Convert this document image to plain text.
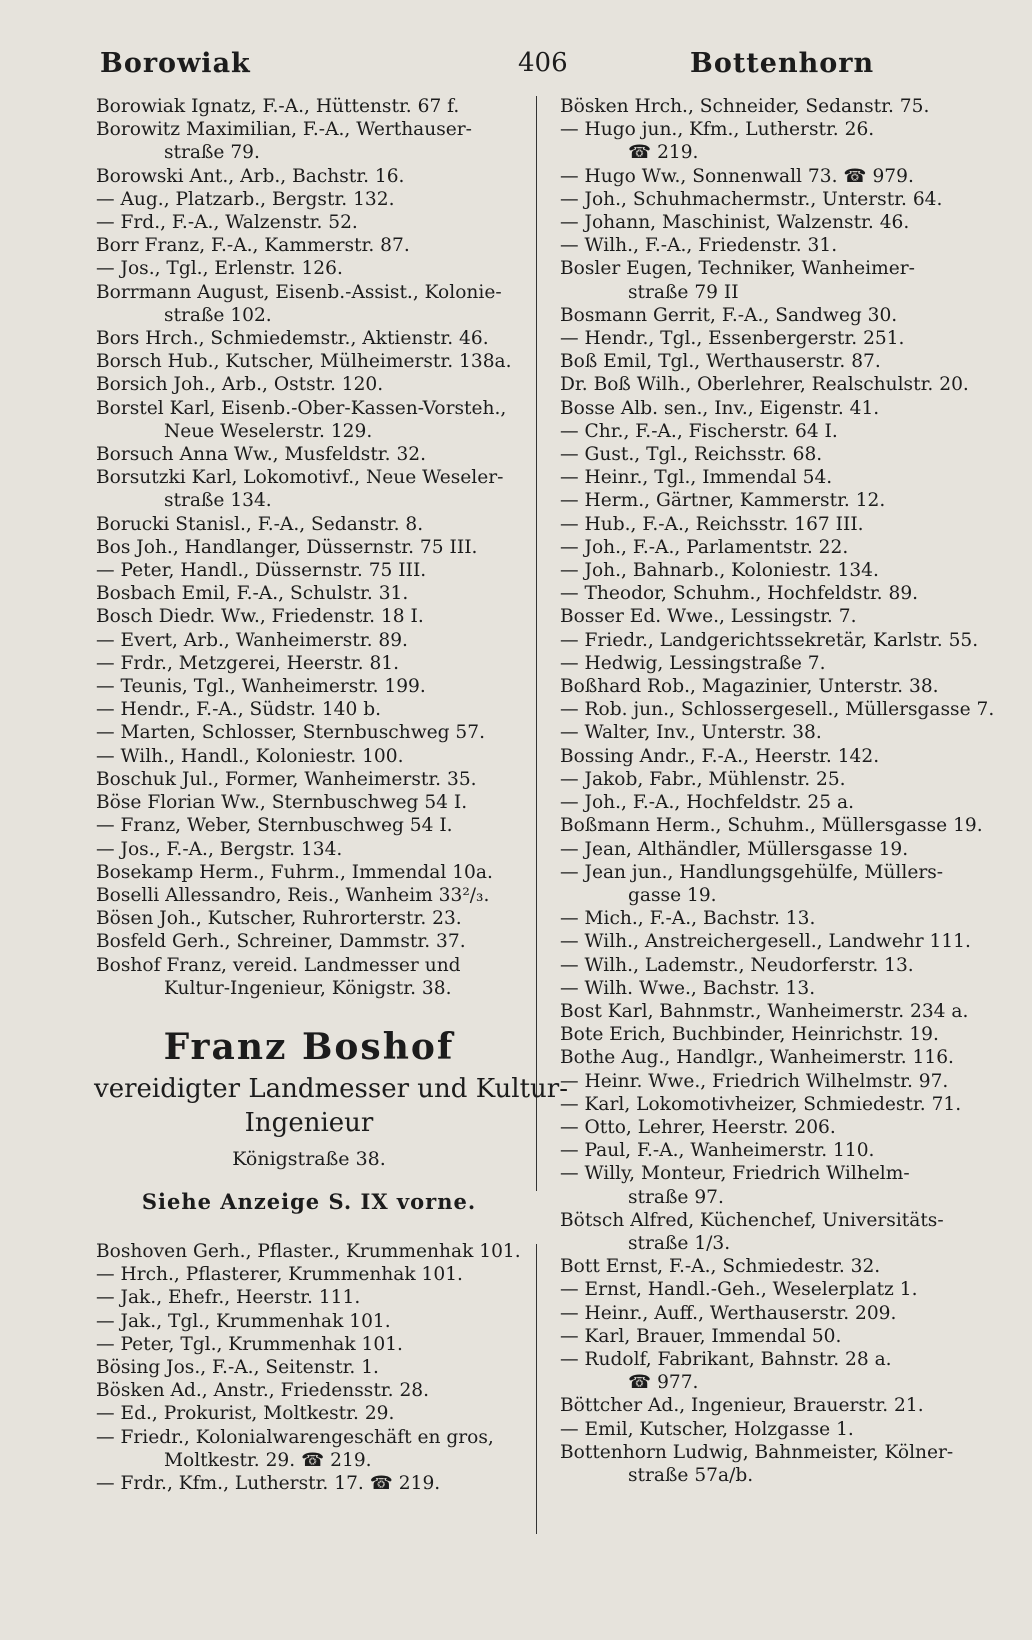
Borowiak	406	Bottenhorn
Borowiak Ignatz, F.-A., Hüttenstr. 67 f.
Borowitz Maximilian, F.-A., Werthauser-
straße 79.
Borowski Ant., Arb., Bachstr. 16.
— Aug., Platzarb., Bergstr. 132.
— Frd., F.-A., Walzenstr. 52.
Borr Franz, F.-A., Kammerstr. 87.
— Jos., Tgl., Erlenstr. 126.
Borrmann August, Eisenb.-Assist., Kolonie-
straße 102.
Bors Hrch., Schmiedemstr., Aktienstr. 46.
Borsch Hub., Kutscher, Mülheimerstr. 138a.
Borsich Joh., Arb., Oststr. 120.
Borstel Karl, Eisenb.-Ober-Kassen-Vorsteh.,
Neue Weselerstr. 129.
Borsuch Anna Ww., Musfeldstr. 32.
Borsutzki Karl, Lokomotivf., Neue Weseler-
straße 134.
Borucki Stanisl., F.-A., Sedanstr. 8.
Bos Joh., Handlanger, Düssernstr. 75 III.
— Peter, Handl., Düssernstr. 75 III.
Bosbach Emil, F.-A., Schulstr. 31.
Bosch Diedr. Ww., Friedenstr. 18 I.
— Evert, Arb., Wanheimerstr. 89.
— Frdr., Metzgerei, Heerstr. 81.
— Teunis, Tgl., Wanheimerstr. 199.
— Hendr., F.-A., Südstr. 140 b.
— Marten, Schlosser, Sternbuschweg 57.
— Wilh., Handl., Koloniestr. 100.
Boschuk Jul., Former, Wanheimerstr. 35.
Böse Florian Ww., Sternbuschweg 54 I.
— Franz, Weber, Sternbuschweg 54 I.
— Jos., F.-A., Bergstr. 134.
Bosekamp Herm., Fuhrm., Immendal 10a.
Boselli Allessandro, Reis., Wanheim 33²/₃.
Bösen Joh., Kutscher, Ruhrorterstr. 23.
Bosfeld Gerh., Schreiner, Dammstr. 37.
Boshof Franz, vereid. Landmesser und
Kultur-Ingenieur, Königstr. 38.
Franz Boshof
vereidigter Landmesser und Kultur-
Ingenieur
Königstraße 38.
Siehe Anzeige S. IX vorne.
Boshoven Gerh., Pflaster., Krummenhak 101.
— Hrch., Pflasterer, Krummenhak 101.
— Jak., Ehefr., Heerstr. 111.
— Jak., Tgl., Krummenhak 101.
— Peter, Tgl., Krummenhak 101.
Bösing Jos., F.-A., Seitenstr. 1.
Bösken Ad., Anstr., Friedensstr. 28.
— Ed., Prokurist, Moltkestr. 29.
— Friedr., Kolonialwarengeschäft en gros,
Moltkestr. 29. ☎ 219.
— Frdr., Kfm., Lutherstr. 17. ☎ 219.
Bösken Hrch., Schneider, Sedanstr. 75.
— Hugo jun., Kfm., Lutherstr. 26.
☎ 219.
— Hugo Ww., Sonnenwall 73. ☎ 979.
— Joh., Schuhmachermstr., Unterstr. 64.
— Johann, Maschinist, Walzenstr. 46.
— Wilh., F.-A., Friedenstr. 31.
Bosler Eugen, Techniker, Wanheimer-
straße 79 II
Bosmann Gerrit, F.-A., Sandweg 30.
— Hendr., Tgl., Essenbergerstr. 251.
Boß Emil, Tgl., Werthauserstr. 87.
Dr. Boß Wilh., Oberlehrer, Realschulstr. 20.
Bosse Alb. sen., Inv., Eigenstr. 41.
— Chr., F.-A., Fischerstr. 64 I.
— Gust., Tgl., Reichsstr. 68.
— Heinr., Tgl., Immendal 54.
— Herm., Gärtner, Kammerstr. 12.
— Hub., F.-A., Reichsstr. 167 III.
— Joh., F.-A., Parlamentstr. 22.
— Joh., Bahnarb., Koloniestr. 134.
— Theodor, Schuhm., Hochfeldstr. 89.
Bosser Ed. Wwe., Lessingstr. 7.
— Friedr., Landgerichtssekretär, Karlstr. 55.
— Hedwig, Lessingstraße 7.
Boßhard Rob., Magazinier, Unterstr. 38.
— Rob. jun., Schlossergesell., Müllersgasse 7.
— Walter, Inv., Unterstr. 38.
Bossing Andr., F.-A., Heerstr. 142.
— Jakob, Fabr., Mühlenstr. 25.
— Joh., F.-A., Hochfeldstr. 25 a.
Boßmann Herm., Schuhm., Müllersgasse 19.
— Jean, Althändler, Müllersgasse 19.
— Jean jun., Handlungsgehülfe, Müllers-
gasse 19.
— Mich., F.-A., Bachstr. 13.
— Wilh., Anstreichergesell., Landwehr 111.
— Wilh., Lademstr., Neudorferstr. 13.
— Wilh. Wwe., Bachstr. 13.
Bost Karl, Bahnmstr., Wanheimerstr. 234 a.
Bote Erich, Buchbinder, Heinrichstr. 19.
Bothe Aug., Handlgr., Wanheimerstr. 116.
— Heinr. Wwe., Friedrich Wilhelmstr. 97.
— Karl, Lokomotivheizer, Schmiedestr. 71.
— Otto, Lehrer, Heerstr. 206.
— Paul, F.-A., Wanheimerstr. 110.
— Willy, Monteur, Friedrich Wilhelm-
straße 97.
Bötsch Alfred, Küchenchef, Universitäts-
straße 1/3.
Bott Ernst, F.-A., Schmiedestr. 32.
— Ernst, Handl.-Geh., Weselerplatz 1.
— Heinr., Auff., Werthauserstr. 209.
— Karl, Brauer, Immendal 50.
— Rudolf, Fabrikant, Bahnstr. 28 a.
☎ 977.
Böttcher Ad., Ingenieur, Brauerstr. 21.
— Emil, Kutscher, Holzgasse 1.
Bottenhorn Ludwig, Bahnmeister, Kölner-
straße 57a/b.
